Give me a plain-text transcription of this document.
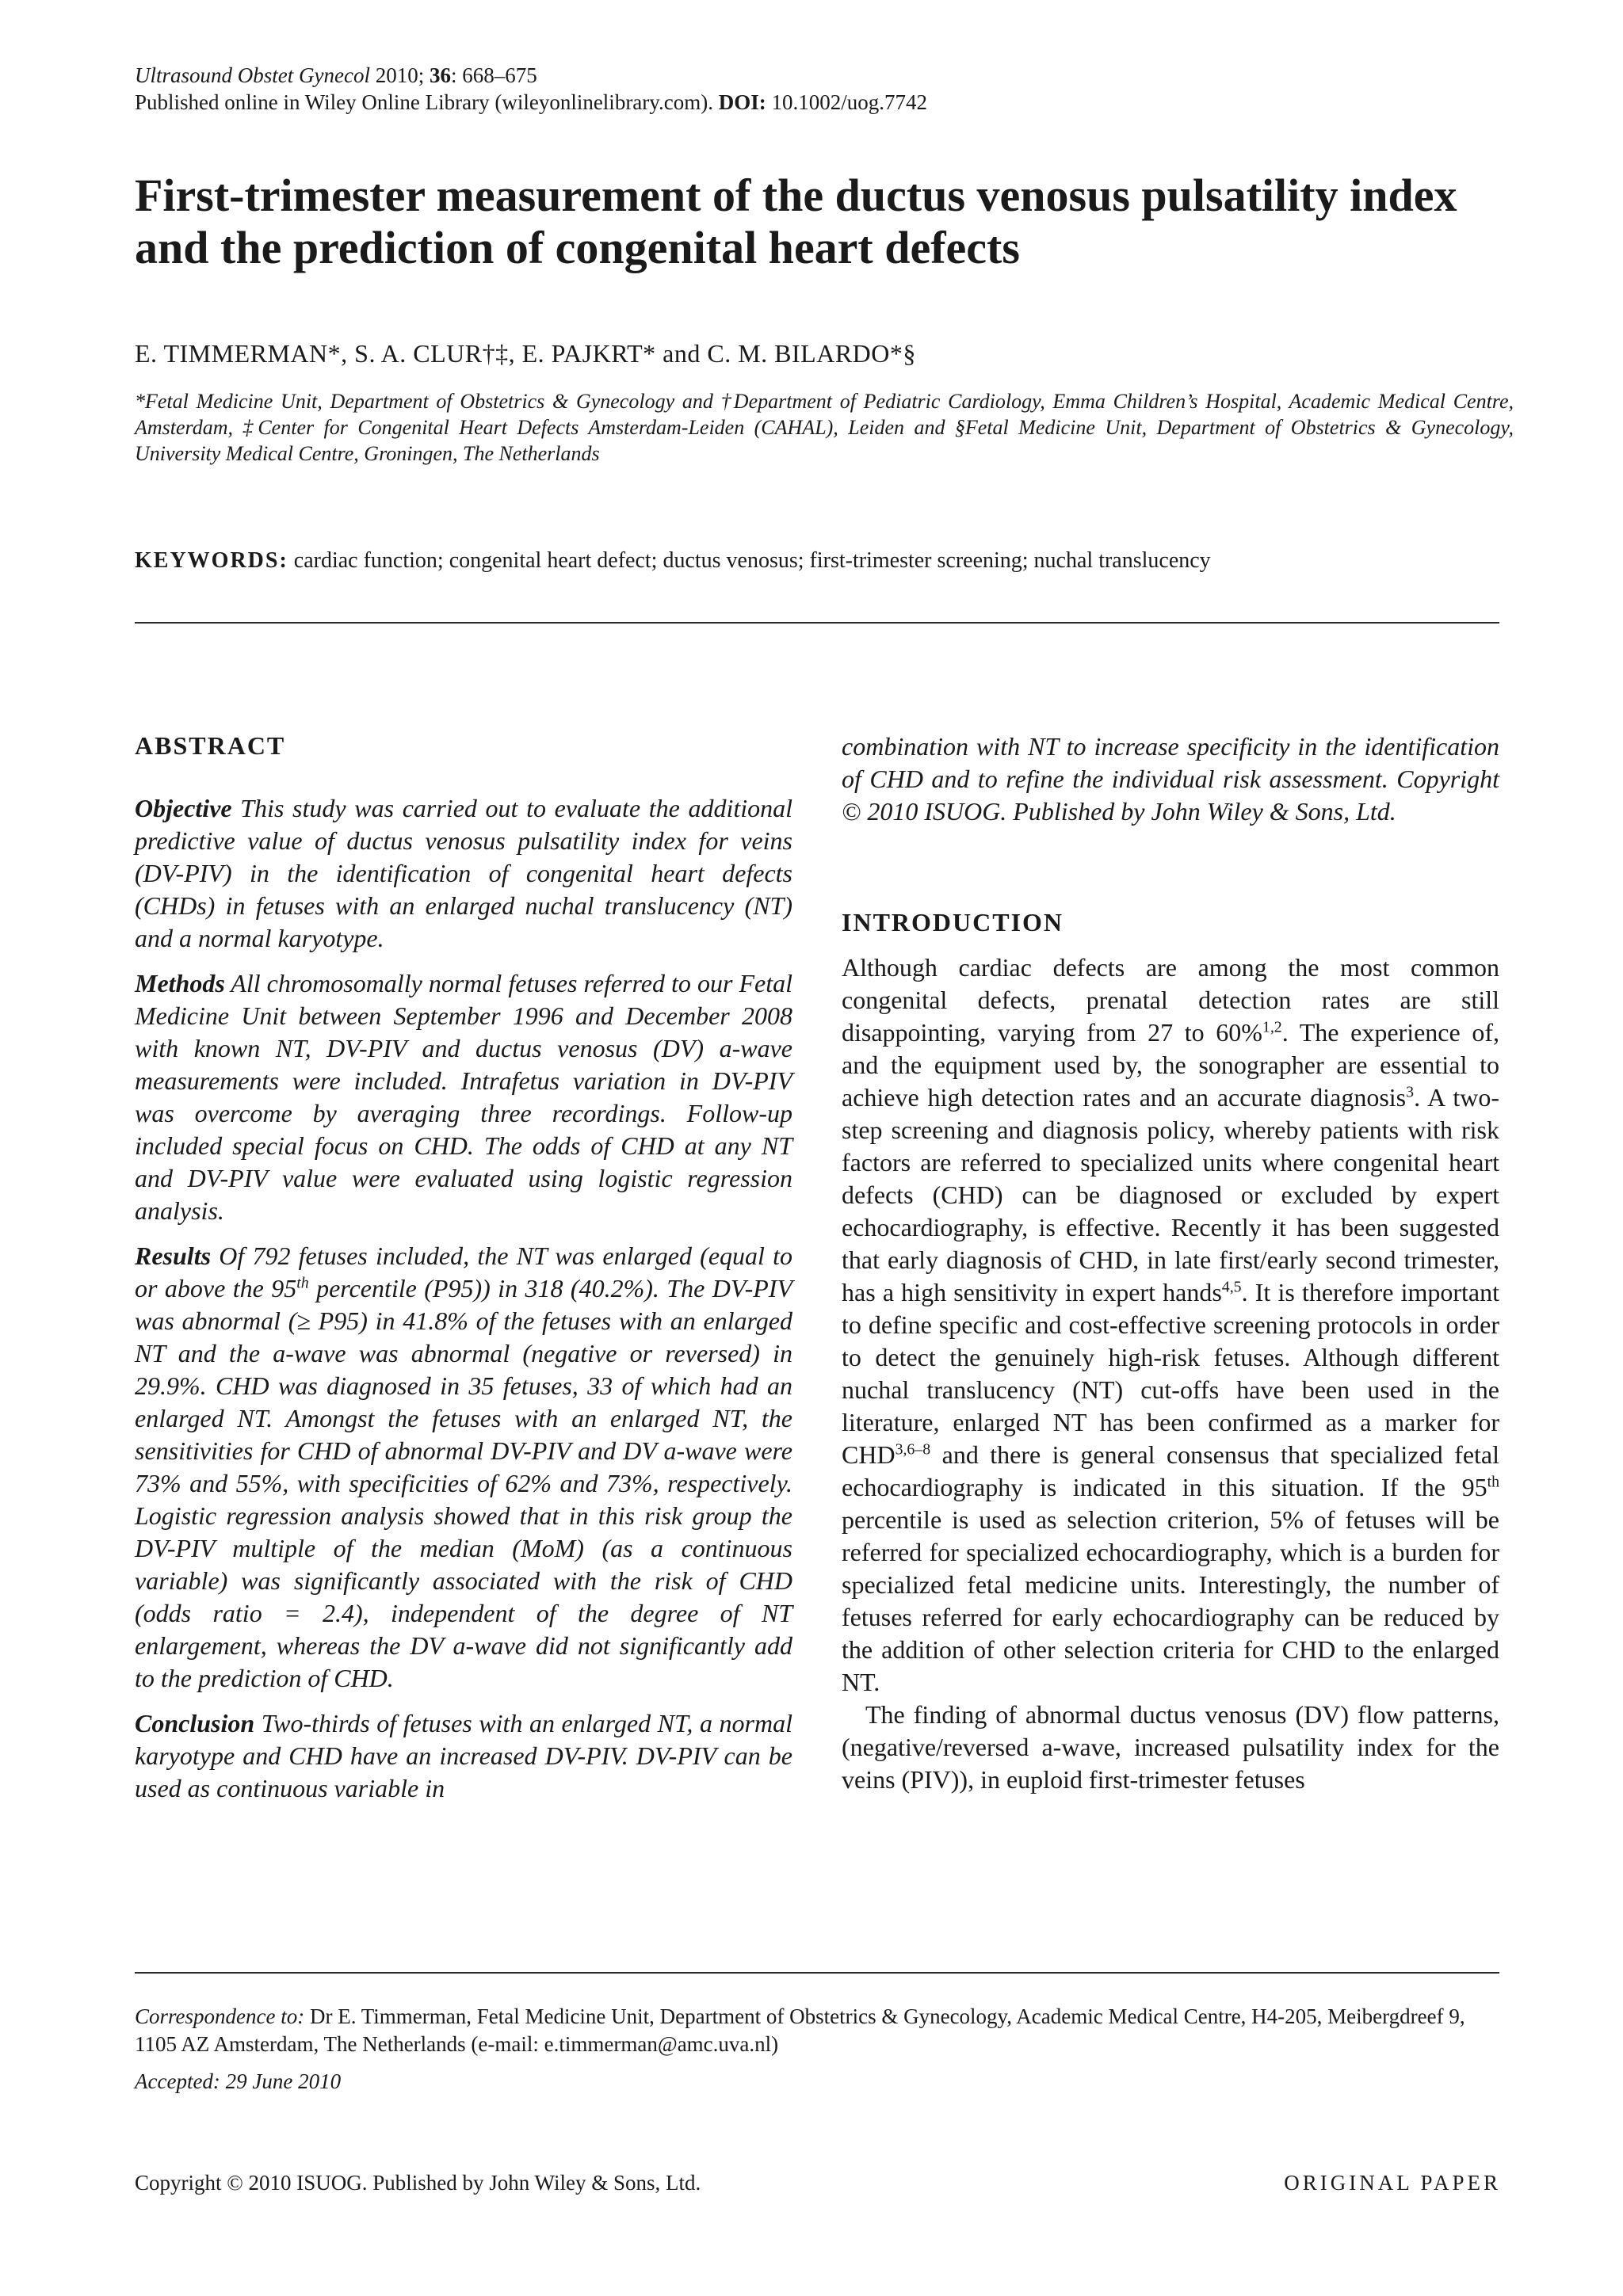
Ultrasound Obstet Gynecol 2010; 36: 668–675
Published online in Wiley Online Library (wileyonlinelibrary.com). DOI: 10.1002/uog.7742
First-trimester measurement of the ductus venosus pulsatility index and the prediction of congenital heart defects
E. TIMMERMAN*, S. A. CLUR†‡, E. PAJKRT* and C. M. BILARDO*§
*Fetal Medicine Unit, Department of Obstetrics & Gynecology and †Department of Pediatric Cardiology, Emma Children’s Hospital, Academic Medical Centre, Amsterdam, ‡Center for Congenital Heart Defects Amsterdam-Leiden (CAHAL), Leiden and §Fetal Medicine Unit, Department of Obstetrics & Gynecology, University Medical Centre, Groningen, The Netherlands
KEYWORDS: cardiac function; congenital heart defect; ductus venosus; first-trimester screening; nuchal translucency

ABSTRACT

Objective This study was carried out to evaluate the additional predictive value of ductus venosus pulsatility index for veins (DV-PIV) in the identification of congenital heart defects (CHDs) in fetuses with an enlarged nuchal translucency (NT) and a normal karyotype.

Methods All chromosomally normal fetuses referred to our Fetal Medicine Unit between September 1996 and December 2008 with known NT, DV-PIV and ductus venosus (DV) a-wave measurements were included. Intrafetus variation in DV-PIV was overcome by averaging three recordings. Follow-up included special focus on CHD. The odds of CHD at any NT and DV-PIV value were evaluated using logistic regression analysis.

Results Of 792 fetuses included, the NT was enlarged (equal to or above the 95th percentile (P95)) in 318 (40.2%). The DV-PIV was abnormal (≥ P95) in 41.8% of the fetuses with an enlarged NT and the a-wave was abnormal (negative or reversed) in 29.9%. CHD was diagnosed in 35 fetuses, 33 of which had an enlarged NT. Amongst the fetuses with an enlarged NT, the sensitivities for CHD of abnormal DV-PIV and DV a-wave were 73% and 55%, with specificities of 62% and 73%, respectively. Logistic regression analysis showed that in this risk group the DV-PIV multiple of the median (MoM) (as a continuous variable) was significantly associated with the risk of CHD (odds ratio = 2.4), independent of the degree of NT enlargement, whereas the DV a-wave did not significantly add to the prediction of CHD.

Conclusion Two-thirds of fetuses with an enlarged NT, a normal karyotype and CHD have an increased DV-PIV. DV-PIV can be used as continuous variable in

combination with NT to increase specificity in the identification of CHD and to refine the individual risk assessment. Copyright © 2010 ISUOG. Published by John Wiley & Sons, Ltd.

INTRODUCTION

Although cardiac defects are among the most common congenital defects, prenatal detection rates are still disappointing, varying from 27 to 60%$^{1,2}$. The experience of, and the equipment used by, the sonographer are essential to achieve high detection rates and an accurate diagnosis$^3$. A two-step screening and diagnosis policy, whereby patients with risk factors are referred to specialized units where congenital heart defects (CHD) can be diagnosed or excluded by expert echocardiography, is effective. Recently it has been suggested that early diagnosis of CHD, in late first/early second trimester, has a high sensitivity in expert hands$^{4,5}$. It is therefore important to define specific and cost-effective screening protocols in order to detect the genuinely high-risk fetuses. Although different nuchal translucency (NT) cut-offs have been used in the literature, enlarged NT has been confirmed as a marker for CHD$^{3,6-8}$ and there is general consensus that specialized fetal echocardiography is indicated in this situation. If the 95th percentile is used as selection criterion, 5% of fetuses will be referred for specialized echocardiography, which is a burden for specialized fetal medicine units. Interestingly, the number of fetuses referred for early echocardiography can be reduced by the addition of other selection criteria for CHD to the enlarged NT.

The finding of abnormal ductus venosus (DV) flow patterns, (negative/reversed a-wave, increased pulsatility index for the veins (PIV)), in euploid first-trimester fetuses

Correspondence to: Dr E. Timmerman, Fetal Medicine Unit, Department of Obstetrics & Gynecology, Academic Medical Centre, H4-205, Meibergdreef 9, 1105 AZ Amsterdam, The Netherlands (e-mail: e.timmerman@amc.uva.nl)
Accepted: 29 June 2010
Copyright © 2010 ISUOG. Published by John Wiley & Sons, Ltd.	ORIGINAL PAPER
